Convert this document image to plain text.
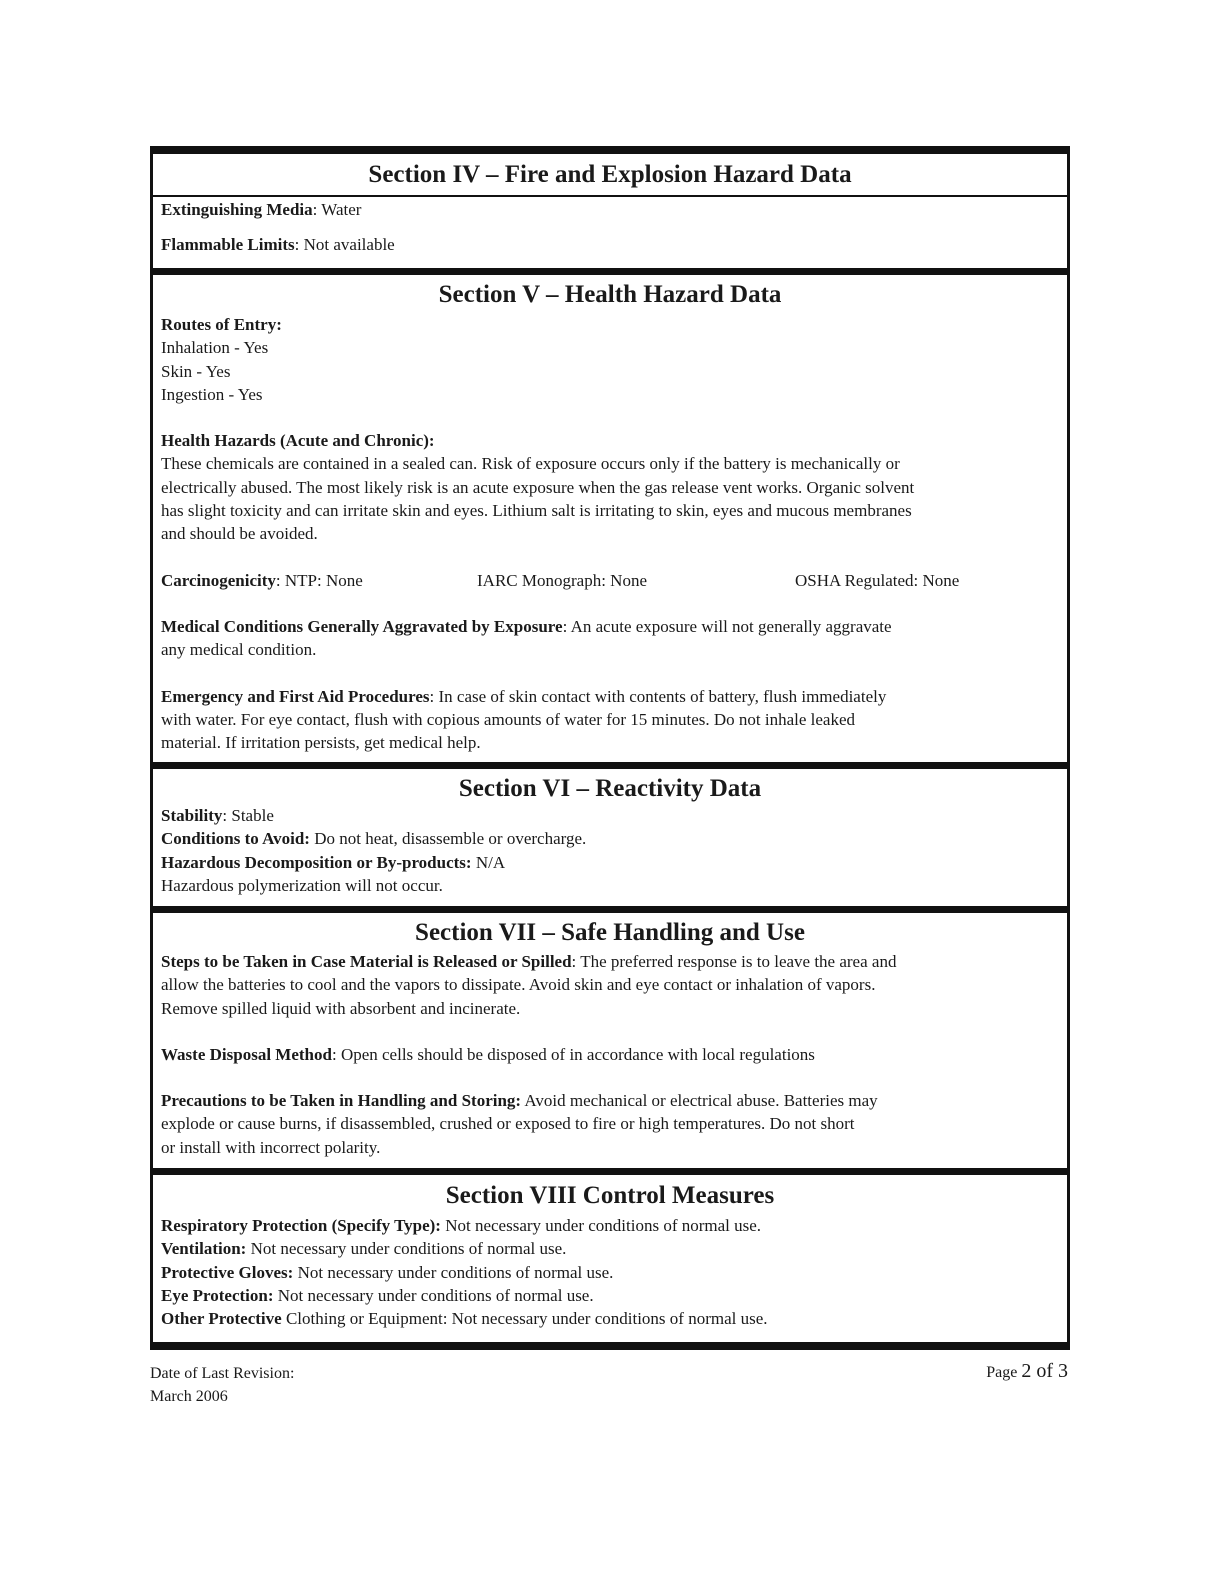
Section IV – Fire and Explosion Hazard Data

Extinguishing Media: Water

Flammable Limits: Not available

Section V – Health Hazard Data

Routes of Entry:

Inhalation - Yes

Skin - Yes

Ingestion - Yes

Health Hazards (Acute and Chronic):

These chemicals are contained in a sealed can. Risk of exposure occurs only if the battery is mechanically or

electrically abused. The most likely risk is an acute exposure when the gas release vent works. Organic solvent

has slight toxicity and can irritate skin and eyes. Lithium salt is irritating to skin, eyes and mucous membranes

and should be avoided.

Carcinogenicity: NTP: None	IARC Monograph: None	OSHA Regulated: None

Medical Conditions Generally Aggravated by Exposure: An acute exposure will not generally aggravate

any medical condition.

Emergency and First Aid Procedures: In case of skin contact with contents of battery, flush immediately

with water. For eye contact, flush with copious amounts of water for 15 minutes. Do not inhale leaked

material. If irritation persists, get medical help.

Section VI – Reactivity Data

Stability: Stable

Conditions to Avoid: Do not heat, disassemble or overcharge.

Hazardous Decomposition or By-products: N/A

Hazardous polymerization will not occur.

Section VII – Safe Handling and Use

Steps to be Taken in Case Material is Released or Spilled: The preferred response is to leave the area and

allow the batteries to cool and the vapors to dissipate. Avoid skin and eye contact or inhalation of vapors.

Remove spilled liquid with absorbent and incinerate.

Waste Disposal Method: Open cells should be disposed of in accordance with local regulations

Precautions to be Taken in Handling and Storing: Avoid mechanical or electrical abuse. Batteries may

explode or cause burns, if disassembled, crushed or exposed to fire or high temperatures. Do not short

or install with incorrect polarity.

Section VIII Control Measures

Respiratory Protection (Specify Type): Not necessary under conditions of normal use.

Ventilation: Not necessary under conditions of normal use.

Protective Gloves: Not necessary under conditions of normal use.

Eye Protection: Not necessary under conditions of normal use.

Other Protective Clothing or Equipment: Not necessary under conditions of normal use.

Date of Last Revision:
March 2006
Page 2 of 3
